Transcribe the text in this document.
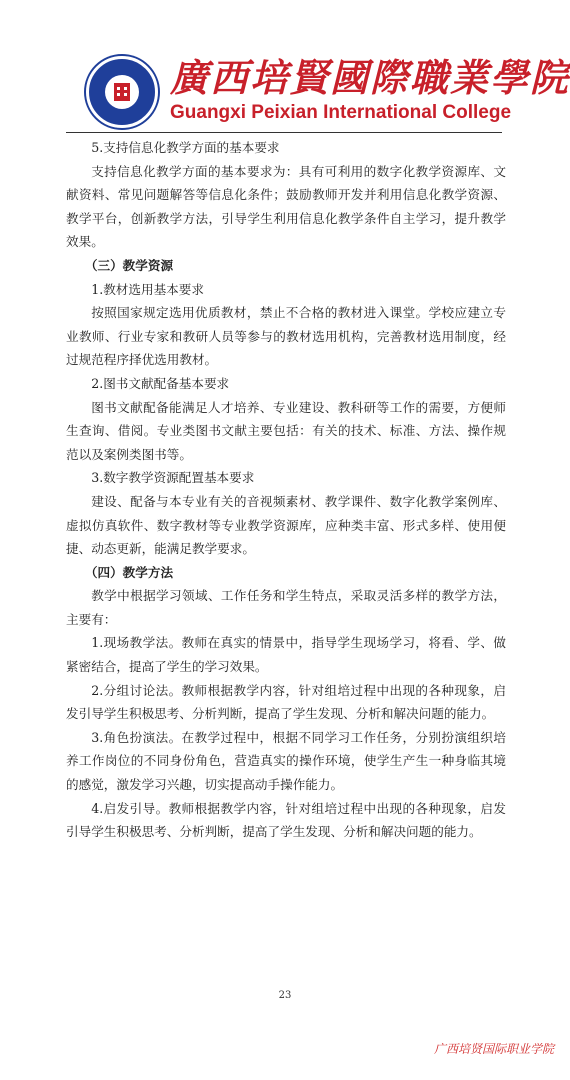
廣西培賢國際職業學院
Guangxi Peixian International College

5.支持信息化教学方面的基本要求

支持信息化教学方面的基本要求为：具有可利用的数字化教学资源库、文献资料、常见问题解答等信息化条件；鼓励教师开发并利用信息化教学资源、教学平台，创新教学方法，引导学生利用信息化教学条件自主学习，提升教学效果。

（三）教学资源

1.教材选用基本要求

按照国家规定选用优质教材，禁止不合格的教材进入课堂。学校应建立专业教师、行业专家和教研人员等参与的教材选用机构，完善教材选用制度，经过规范程序择优选用教材。

2.图书文献配备基本要求

图书文献配备能满足人才培养、专业建设、教科研等工作的需要，方便师生查询、借阅。专业类图书文献主要包括：有关的技术、标准、方法、操作规范以及案例类图书等。

3.数字教学资源配置基本要求

建设、配备与本专业有关的音视频素材、教学课件、数字化教学案例库、虚拟仿真软件、数字教材等专业教学资源库，应种类丰富、形式多样、使用便捷、动态更新，能满足教学要求。

（四）教学方法

教学中根据学习领域、工作任务和学生特点，采取灵活多样的教学方法，主要有：

1.现场教学法。教师在真实的情景中，指导学生现场学习，将看、学、做紧密结合，提高了学生的学习效果。

2.分组讨论法。教师根据教学内容，针对组培过程中出现的各种现象，启发引导学生积极思考、分析判断，提高了学生发现、分析和解决问题的能力。

3.角色扮演法。在教学过程中，根据不同学习工作任务，分别扮演组织培养工作岗位的不同身份角色，营造真实的操作环境，使学生产生一种身临其境的感觉，激发学习兴趣，切实提高动手操作能力。

4.启发引导。教师根据教学内容，针对组培过程中出现的各种现象，启发引导学生积极思考、分析判断，提高了学生发现、分析和解决问题的能力。

23
广西培贤国际职业学院
